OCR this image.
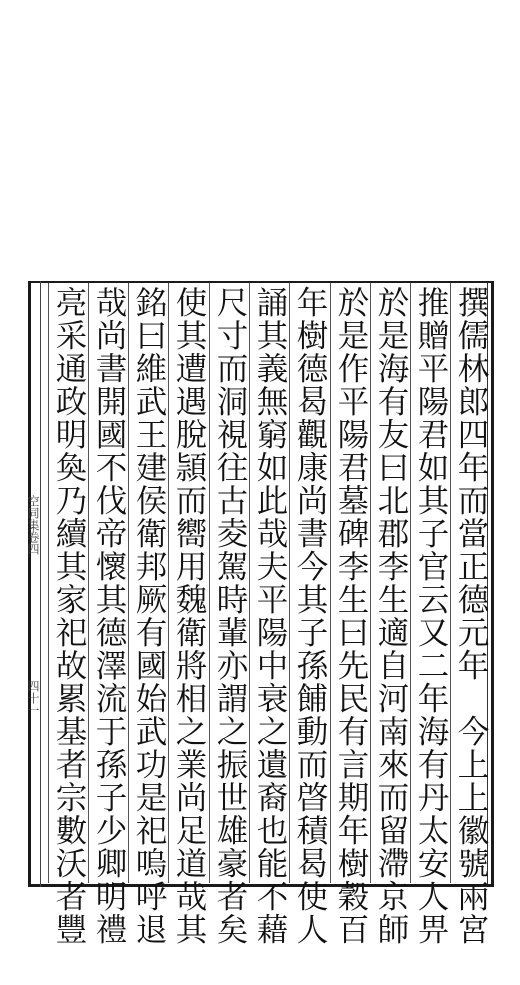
撰儒林郎四年而當正德元年　今上上徽號兩宮
推贈平陽君如其子官云又二年海有丹太安人畀
於是海有友曰北郡李生適自河南來而留滯京師
於是作平陽君墓碑李生曰先民有言期年樹穀百
年樹德曷觀康尚書今其子孫餔動而晵積曷使人
誦其義無窮如此哉夫平陽中衰之遺裔也能不藉
尺寸而洞視往古夌駕時輩亦謂之振世雄豪者矣
使其遭遇脫頴而嚮用魏衛將相之業尚足道哉其
銘曰維武王建侯衛邦厥有國始武功是祀嗚呼退
哉尚書開國不伐帝懷其德澤流于孫子少卿明禮
亮采通政明奐乃續其家祀故累基者宗數沃者豐
空同集卷四
四十一
